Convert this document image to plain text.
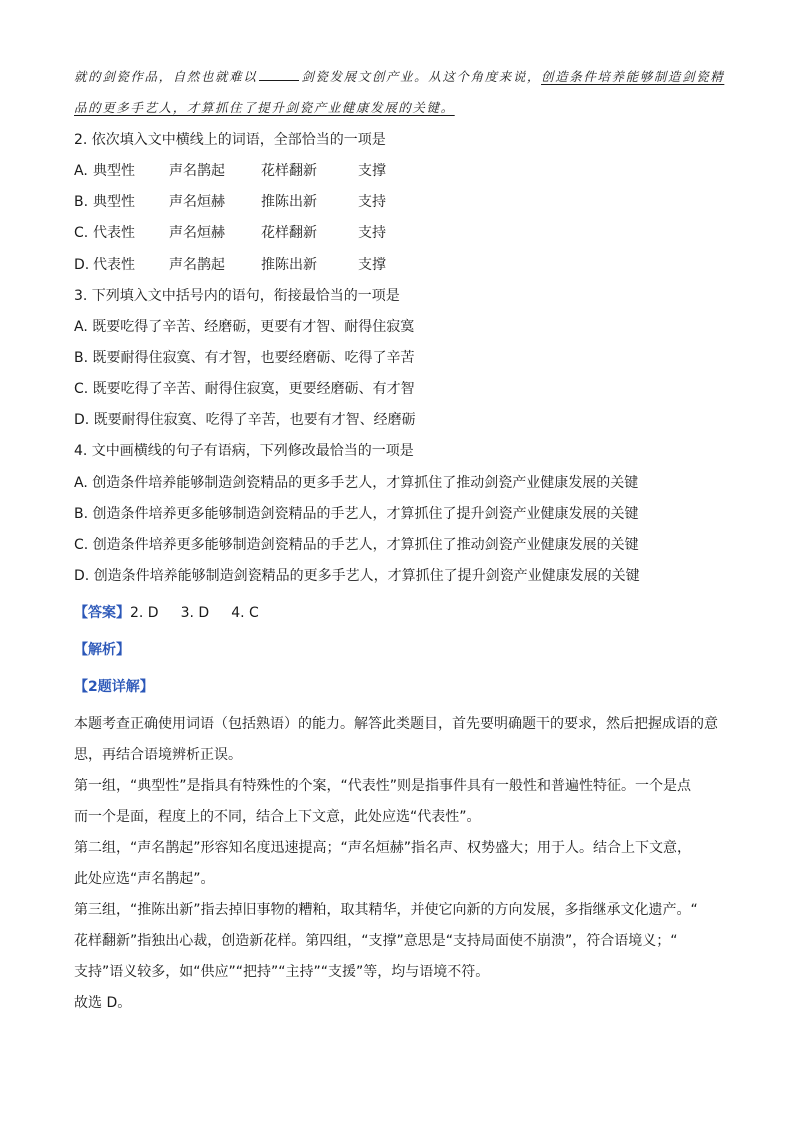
就的剑瓷作品，自然也就难以	剑瓷发展文创产业。从这个角度来说，创造条件培养能够制造剑瓷精
品的更多手艺人，才算抓住了提升剑瓷产业健康发展的关键。
2. 依次填入文中横线上的词语，全部恰当的一项是
A. 典型性 声名鹊起	花样翻新	支撑
B. 典型性 声名烜赫	推陈出新	支持
C. 代表性 声名烜赫	花样翻新	支持
D. 代表性 声名鹊起	推陈出新	支撑
3. 下列填入文中括号内的语句，衔接最恰当的一项是
A. 既要吃得了辛苦、经磨砺，更要有才智、耐得住寂寞
B. 既要耐得住寂寞、有才智，也要经磨砺、吃得了辛苦
C. 既要吃得了辛苦、耐得住寂寞，更要经磨砺、有才智
D. 既要耐得住寂寞、吃得了辛苦，也要有才智、经磨砺
4. 文中画横线的句子有语病，下列修改最恰当的一项是
A. 创造条件培养能够制造剑瓷精品的更多手艺人，才算抓住了推动剑瓷产业健康发展的关键
B. 创造条件培养更多能够制造剑瓷精品的手艺人，才算抓住了提升剑瓷产业健康发展的关键
C. 创造条件培养更多能够制造剑瓷精品的手艺人，才算抓住了推动剑瓷产业健康发展的关键
D. 创造条件培养能够制造剑瓷精品的更多手艺人，才算抓住了提升剑瓷产业健康发展的关键
【答案】2. D 3. D 4. C
【解析】
【2题详解】
本题考查正确使用词语（包括熟语）的能力。解答此类题目，首先要明确题干的要求，然后把握成语的意
思，再结合语境辨析正误。
第一组，“典型性”是指具有特殊性的个案，“代表性”则是指事件具有一般性和普遍性特征。一个是点
而一个是面，程度上的不同，结合上下文意，此处应选“代表性”。
第二组，“声名鹊起”形容知名度迅速提高；“声名烜赫”指名声、权势盛大；用于人。结合上下文意，
此处应选“声名鹊起”。
第三组，“推陈出新”指去掉旧事物的糟粕，取其精华，并使它向新的方向发展，多指继承文化遗产。“
花样翻新”指独出心裁，创造新花样。第四组，“支撑”意思是“支持局面使不崩溃”，符合语境义；“
支持”语义较多，如“供应”“把持”“主持”“支援”等，均与语境不符。
故选 D。
